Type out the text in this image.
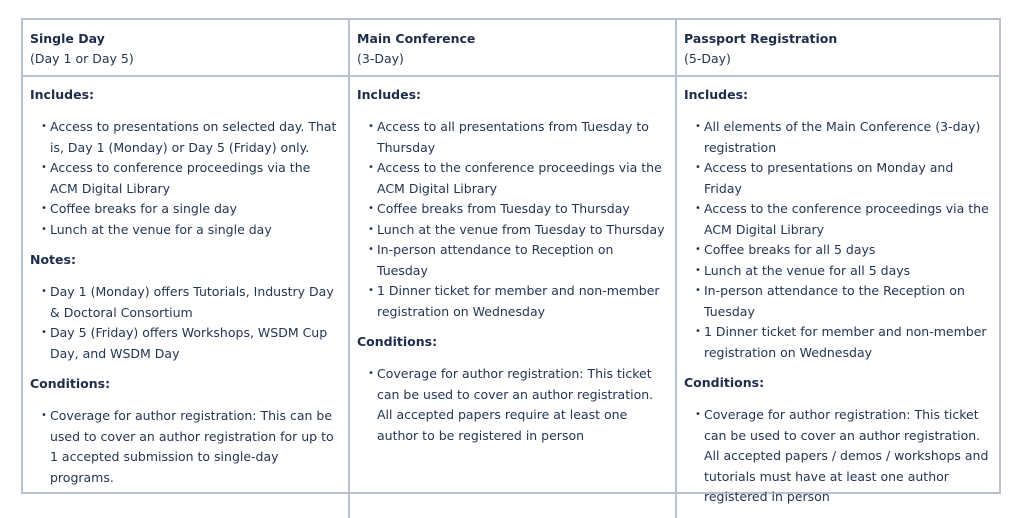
Single Day
(Day 1 or Day 5)
Main Conference
(3-Day)
Passport Registration
(5-Day)
Includes:
• Access to presentations on selected day. That is, Day 1 (Monday) or Day 5 (Friday) only.
• Access to conference proceedings via the ACM Digital Library
• Coffee breaks for a single day
• Lunch at the venue for a single day
Notes:
• Day 1 (Monday) offers Tutorials, Industry Day & Doctoral Consortium
• Day 5 (Friday) offers Workshops, WSDM Cup Day, and WSDM Day
Conditions:
• Coverage for author registration: This can be used to cover an author registration for up to 1 accepted submission to single-day programs.
Includes:
• Access to all presentations from Tuesday to Thursday
• Access to the conference proceedings via the ACM Digital Library
• Coffee breaks from Tuesday to Thursday
• Lunch at the venue from Tuesday to Thursday
• In-person attendance to Reception on Tuesday
• 1 Dinner ticket for member and non-member registration on Wednesday
Conditions:
• Coverage for author registration: This ticket can be used to cover an author registration. All accepted papers require at least one author to be registered in person
Includes:
• All elements of the Main Conference (3-day) registration
• Access to presentations on Monday and Friday
• Access to the conference proceedings via the ACM Digital Library
• Coffee breaks for all 5 days
• Lunch at the venue for all 5 days
• In-person attendance to the Reception on Tuesday
• 1 Dinner ticket for member and non-member registration on Wednesday
Conditions:
• Coverage for author registration: This ticket can be used to cover an author registration. All accepted papers / demos / workshops and tutorials must have at least one author registered in person
